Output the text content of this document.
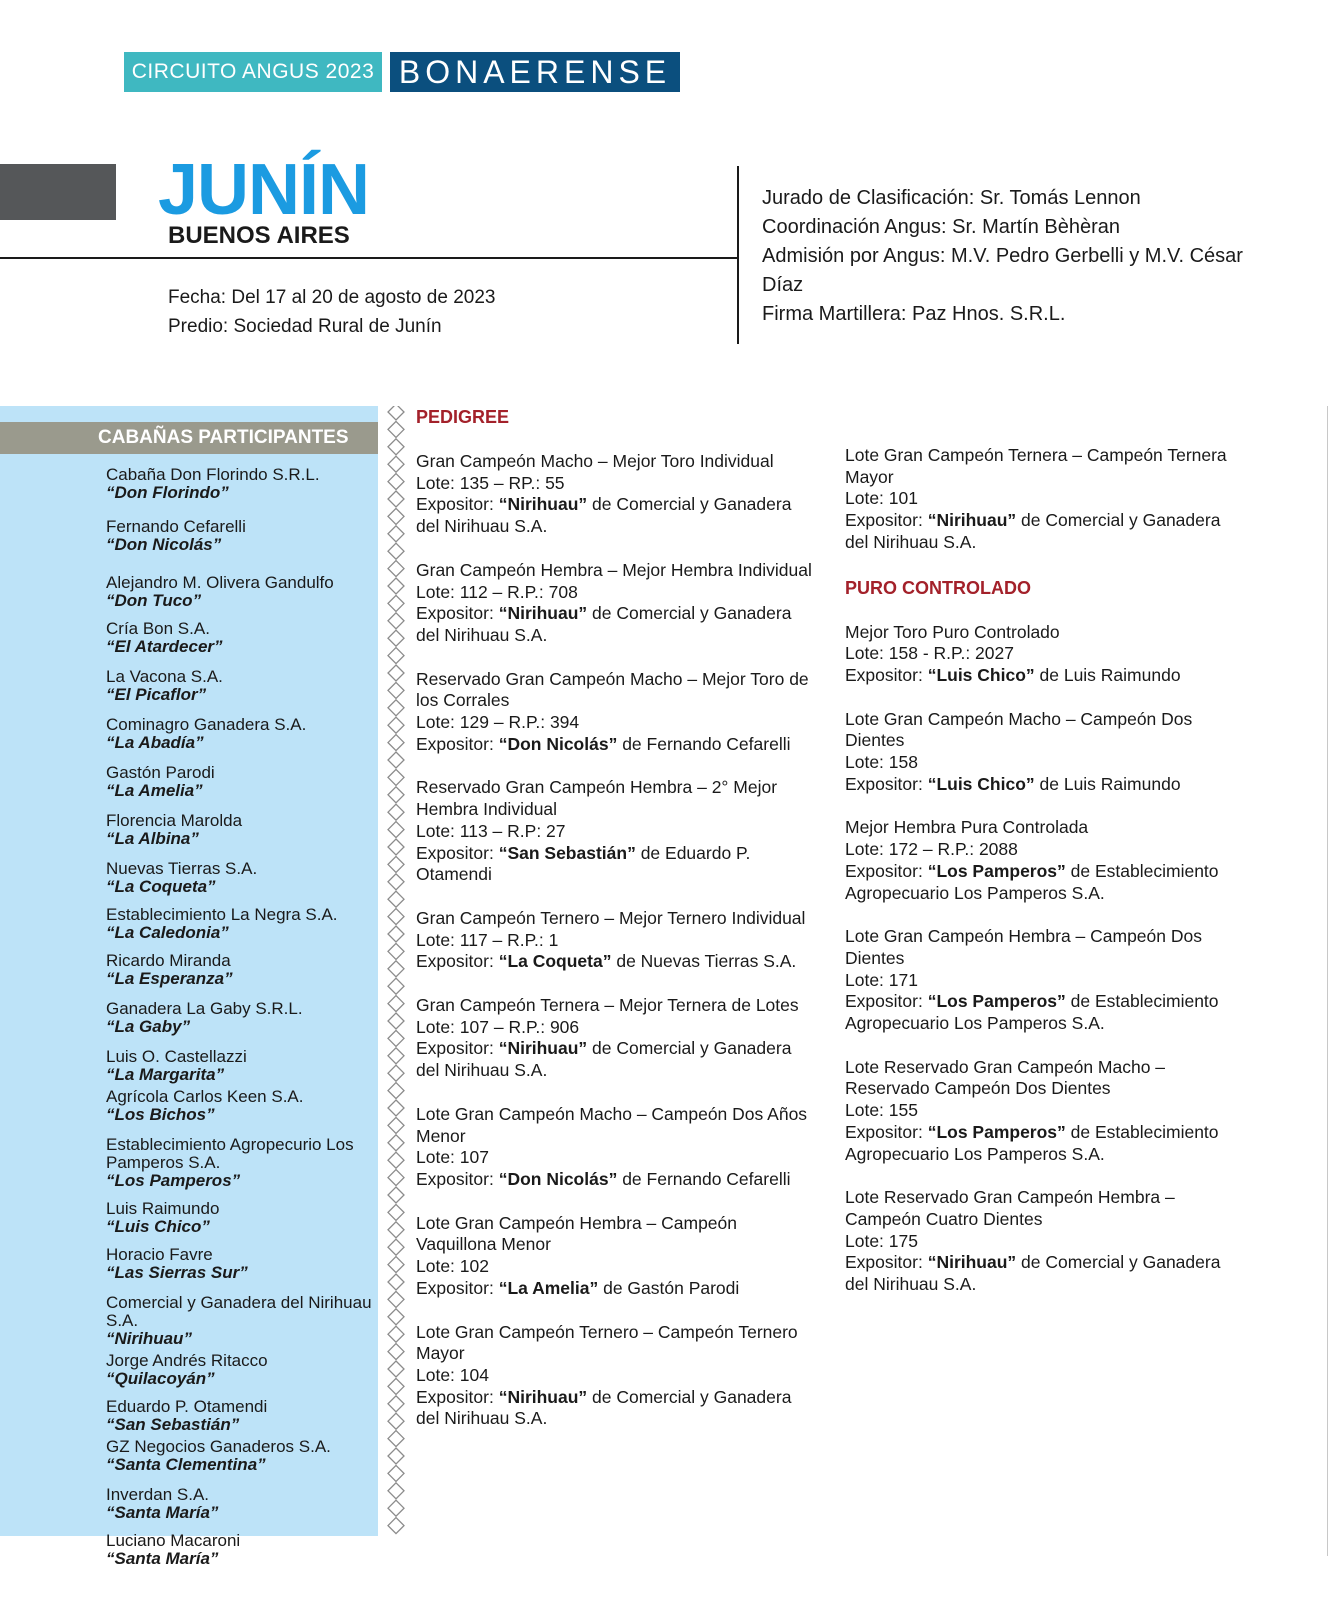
CIRCUITO ANGUS 2023 BONAERENSE
JUNÍN
BUENOS AIRES
Fecha: Del 17 al 20 de agosto de 2023
Predio: Sociedad Rural de Junín
Jurado de Clasificación: Sr. Tomás Lennon
Coordinación Angus: Sr. Martín Bèhèran
Admisión por Angus: M.V. Pedro Gerbelli y M.V. César Díaz
Firma Martillera: Paz Hnos. S.R.L.
CABAÑAS PARTICIPANTES
Cabaña Don Florindo S.R.L.
“Don Florindo”
Fernando Cefarelli
“Don Nicolás”
Alejandro M. Olivera Gandulfo
“Don Tuco”
Cría Bon S.A.
“El Atardecer”
La Vacona S.A.
“El Picaflor”
Cominagro Ganadera S.A.
“La Abadía”
Gastón Parodi
“La Amelia”
Florencia Marolda
“La Albina”
Nuevas Tierras S.A.
“La Coqueta”
Establecimiento La Negra S.A.
“La Caledonia”
Ricardo Miranda
“La Esperanza”
Ganadera La Gaby S.R.L.
“La Gaby”
Luis O. Castellazzi
“La Margarita”
Agrícola Carlos Keen S.A.
“Los Bichos”
Establecimiento Agropecurio Los Pamperos S.A.
“Los Pamperos”
Luis Raimundo
“Luis Chico”
Horacio Favre
“Las Sierras Sur”
Comercial y Ganadera del Nirihuau S.A.
“Nirihuau”
Jorge Andrés Ritacco
“Quilacoyán”
Eduardo P. Otamendi
“San Sebastián”
GZ Negocios Ganaderos S.A.
“Santa Clementina”
Inverdan S.A.
“Santa María”
Luciano Macaroni
“Santa María”
PEDIGREE
Gran Campeón Macho – Mejor Toro Individual
Lote: 135 – RP.: 55
Expositor: “Nirihuau” de Comercial y Ganadera del Nirihuau S.A.
Gran Campeón Hembra – Mejor Hembra Individual
Lote: 112 – R.P.: 708
Expositor: “Nirihuau” de Comercial y Ganadera del Nirihuau S.A.
Reservado Gran Campeón Macho – Mejor Toro de los Corrales
Lote: 129 – R.P.: 394
Expositor: “Don Nicolás” de Fernando Cefarelli
Reservado Gran Campeón Hembra – 2° Mejor Hembra Individual
Lote: 113 – R.P: 27
Expositor: “San Sebastián” de Eduardo P. Otamendi
Gran Campeón Ternero – Mejor Ternero Individual
Lote: 117 – R.P.: 1
Expositor: “La Coqueta” de Nuevas Tierras S.A.
Gran Campeón Ternera – Mejor Ternera de Lotes
Lote: 107 – R.P.: 906
Expositor: “Nirihuau” de Comercial y Ganadera del Nirihuau S.A.
Lote Gran Campeón Macho – Campeón Dos Años Menor
Lote: 107
Expositor: “Don Nicolás” de Fernando Cefarelli
Lote Gran Campeón Hembra – Campeón Vaquillona Menor
Lote: 102
Expositor: “La Amelia” de Gastón Parodi
Lote Gran Campeón Ternero – Campeón Ternero Mayor
Lote: 104
Expositor: “Nirihuau” de Comercial y Ganadera del Nirihuau S.A.
Lote Gran Campeón Ternera – Campeón Ternera Mayor
Lote: 101
Expositor: “Nirihuau” de Comercial y Ganadera del Nirihuau S.A.
PURO CONTROLADO
Mejor Toro Puro Controlado
Lote: 158 - R.P.: 2027
Expositor: “Luis Chico” de Luis Raimundo
Lote Gran Campeón Macho – Campeón Dos Dientes
Lote: 158
Expositor: “Luis Chico” de Luis Raimundo
Mejor Hembra Pura Controlada
Lote: 172 – R.P.: 2088
Expositor: “Los Pamperos” de Establecimiento Agropecuario Los Pamperos S.A.
Lote Gran Campeón Hembra – Campeón Dos Dientes
Lote: 171
Expositor: “Los Pamperos” de Establecimiento Agropecuario Los Pamperos S.A.
Lote Reservado Gran Campeón Macho – Reservado Campeón Dos Dientes
Lote: 155
Expositor: “Los Pamperos” de Establecimiento Agropecuario Los Pamperos S.A.
Lote Reservado Gran Campeón Hembra – Campeón Cuatro Dientes
Lote: 175
Expositor: “Nirihuau” de Comercial y Ganadera del Nirihuau S.A.
